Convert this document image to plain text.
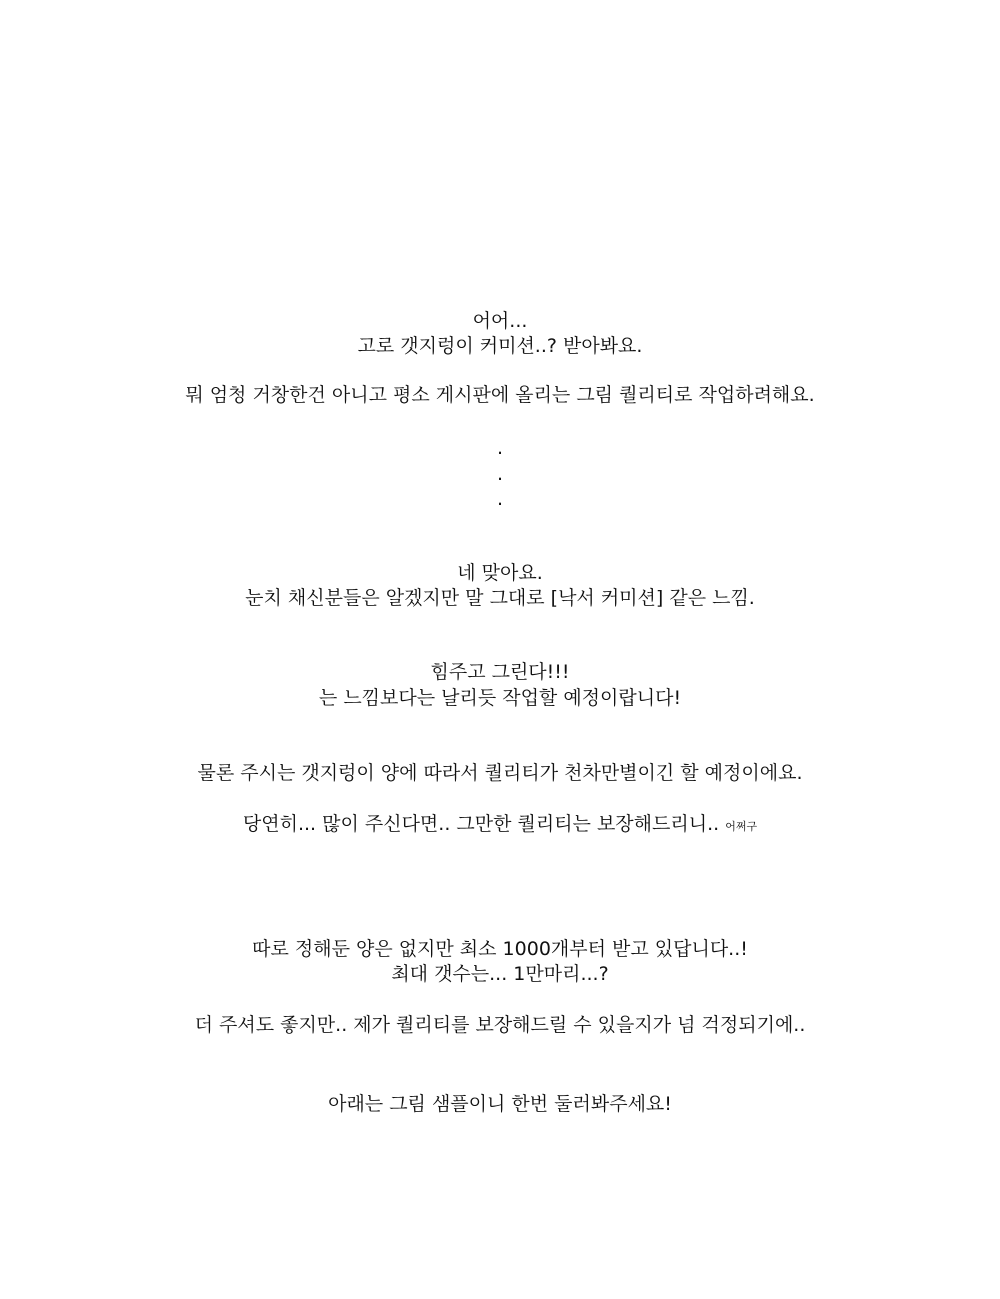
어어...
고로 갯지렁이 커미션..? 받아봐요.
뭐 엄청 거창한건 아니고 평소 게시판에 올리는 그림 퀄리티로 작업하려해요.
.
.
.
네 맞아요.
눈치 채신분들은 알겠지만 말 그대로 [낙서 커미션] 같은 느낌.
힘주고 그린다!!!
는 느낌보다는 날리듯 작업할 예정이랍니다!
물론 주시는 갯지렁이 양에 따라서 퀄리티가 천차만별이긴 할 예정이에요.
당연히... 많이 주신다면.. 그만한 퀄리티는 보장해드리니.. 어쩌구
따로 정해둔 양은 없지만 최소 1000개부터 받고 있답니다..!
최대 갯수는... 1만마리...?
더 주셔도 좋지만.. 제가 퀄리티를 보장해드릴 수 있을지가 넘 걱정되기에..
아래는 그림 샘플이니 한번 둘러봐주세요!
